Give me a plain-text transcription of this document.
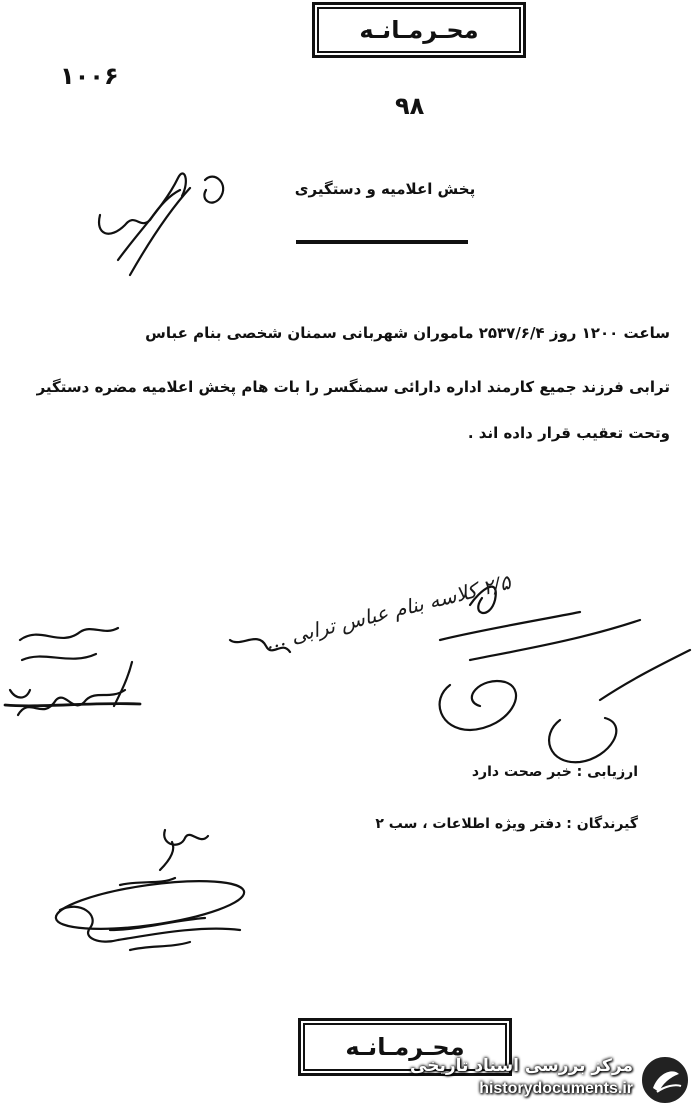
محـرمـانـه
۱۰۰۶
۹۸
پخش اعلامیه و دستگیری
ساعت ۱۲۰۰ روز ۲۵۳۷/۶/۴ ماموران شهربانی سمنان شخصی بنام عباس
ترابی فرزند جمیع کارمند اداره دارائی سمنگسر را بات هام پخش اعلامیه مضره دستگیر
وتحت تعقیب قرار داده اند .
۲/۵ کلاسه بنام عباس ترابی …
ارزیابی : خبر صحت دارد
گیرندگان : دفتر ویژه اطلاعات ، سب ۲
محـرمـانـه
مرکز بررسی اسناد تاریخی
historydocuments.ir
